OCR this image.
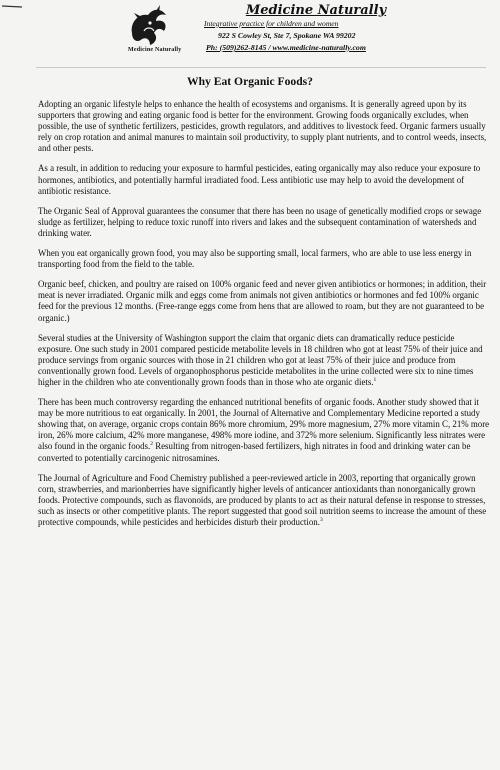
Medicine Naturally
Medicine Naturally
Integrative practice for children and women
922 S Cowley St, Ste 7, Spokane WA 99202
Ph: (509)262-8145 / www.medicine-naturally.com
Why Eat Organic Foods?

Adopting an organic lifestyle helps to enhance the health of ecosystems and organisms. It is generally agreed upon by its supporters that growing and eating organic food is better for the environment. Growing foods organically excludes, when possible, the use of synthetic fertilizers, pesticides, growth regulators, and additives to livestock feed. Organic farmers usually rely on crop rotation and animal manures to maintain soil productivity, to supply plant nutrients, and to control weeds, insects, and other pests.

As a result, in addition to reducing your exposure to harmful pesticides, eating organically may also reduce your exposure to hormones, antibiotics, and potentially harmful irradiated food. Less antibiotic use may help to avoid the development of antibiotic resistance.

The Organic Seal of Approval guarantees the consumer that there has been no usage of genetically modified crops or sewage sludge as fertilizer, helping to reduce toxic runoff into rivers and lakes and the subsequent contamination of watersheds and drinking water.

When you eat organically grown food, you may also be supporting small, local farmers, who are able to use less energy in transporting food from the field to the table.

Organic beef, chicken, and poultry are raised on 100% organic feed and never given antibiotics or hormones; in addition, their meat is never irradiated. Organic milk and eggs come from animals not given antibiotics or hormones and fed 100% organic feed for the previous 12 months. (Free-range eggs come from hens that are allowed to roam, but they are not guaranteed to be organic.)

Several studies at the University of Washington support the claim that organic diets can dramatically reduce pesticide exposure. One such study in 2001 compared pesticide metabolite levels in 18 children who got at least 75% of their juice and produce servings from organic sources with those in 21 children who got at least 75% of their juice and produce from conventionally grown food. Levels of organophosphorus pesticide metabolites in the urine collected were six to nine times higher in the children who ate conventionally grown foods than in those who ate organic diets.$^1$

There has been much controversy regarding the enhanced nutritional benefits of organic foods. Another study showed that it may be more nutritious to eat organically. In 2001, the Journal of Alternative and Complementary Medicine reported a study showing that, on average, organic crops contain 86% more chromium, 29% more magnesium, 27% more vitamin C, 21% more iron, 26% more calcium, 42% more manganese, 498% more iodine, and 372% more selenium. Significantly less nitrates were also found in the organic foods.$^2$ Resulting from nitrogen-based fertilizers, high nitrates in food and drinking water can be converted to potentially carcinogenic nitrosamines.

The Journal of Agriculture and Food Chemistry published a peer-reviewed article in 2003, reporting that organically grown corn, strawberries, and marionberries have significantly higher levels of anticancer antioxidants than nonorganically grown foods. Protective compounds, such as flavonoids, are produced by plants to act as their natural defense in response to stresses, such as insects or other competitive plants. The report suggested that good soil nutrition seems to increase the amount of these protective compounds, while pesticides and herbicides disturb their production.$^3$
